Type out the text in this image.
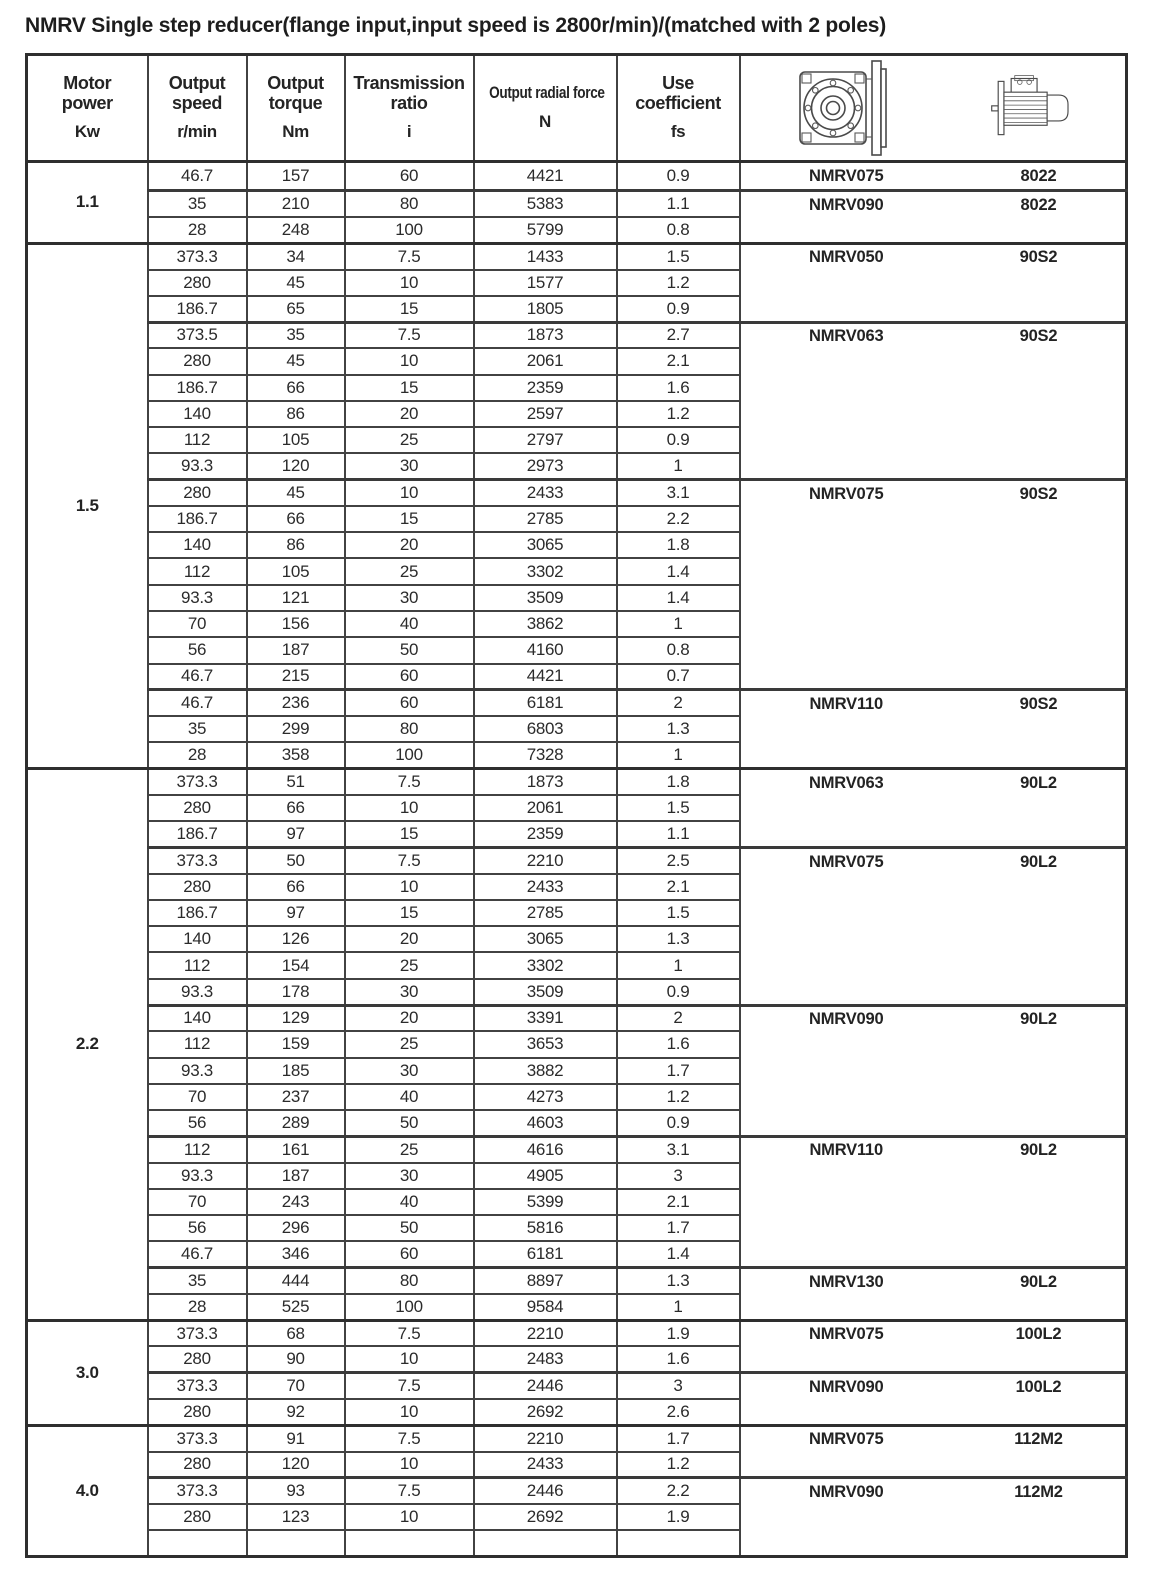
NMRV Single step reducer(flange input,input speed is 2800r/min)/(matched with 2 poles)
Motor
power
Kw

Output
speed
r/min

Output
torque
Nm

Transmission
ratio
i

Output radial force
N

Use
coefficient
fs

1.1	46.7	157	60	4421	0.9	NMRV075 8022

	35	210	80	5383	1.1	NMRV090 8022

	28	248	100	5799	0.8	
1.5	373.3	34	7.5	1433	1.5	NMRV050 90S2

	280	45	10	1577	1.2	
	186.7	65	15	1805	0.9	
	373.5	35	7.5	1873	2.7	NMRV063 90S2

	280	45	10	2061	2.1	
	186.7	66	15	2359	1.6	
	140	86	20	2597	1.2	
	112	105	25	2797	0.9	
	93.3	120	30	2973	1	
	280	45	10	2433	3.1	NMRV075 90S2

	186.7	66	15	2785	2.2	
	140	86	20	3065	1.8	
	112	105	25	3302	1.4	
	93.3	121	30	3509	1.4	
	70	156	40	3862	1	
	56	187	50	4160	0.8	
	46.7	215	60	4421	0.7	
	46.7	236	60	6181	2	NMRV110 90S2

	35	299	80	6803	1.3	
	28	358	100	7328	1	
2.2	373.3	51	7.5	1873	1.8	NMRV063 90L2

	280	66	10	2061	1.5	
	186.7	97	15	2359	1.1	
	373.3	50	7.5	2210	2.5	NMRV075 90L2

	280	66	10	2433	2.1	
	186.7	97	15	2785	1.5	
	140	126	20	3065	1.3	
	112	154	25	3302	1	
	93.3	178	30	3509	0.9	
	140	129	20	3391	2	NMRV090 90L2

	112	159	25	3653	1.6	
	93.3	185	30	3882	1.7	
	70	237	40	4273	1.2	
	56	289	50	4603	0.9	
	112	161	25	4616	3.1	NMRV110 90L2

	93.3	187	30	4905	3	
	70	243	40	5399	2.1	
	56	296	50	5816	1.7	
	46.7	346	60	6181	1.4	
	35	444	80	8897	1.3	NMRV130 90L2

	28	525	100	9584	1	
3.0	373.3	68	7.5	2210	1.9	NMRV075 100L2

	280	90	10	2483	1.6	
	373.3	70	7.5	2446	3	NMRV090 100L2

	280	92	10	2692	2.6	
4.0	373.3	91	7.5	2210	1.7	NMRV075 112M2

	280	120	10	2433	1.2	
	373.3	93	7.5	2446	2.2	NMRV090 112M2

	280	123	10	2692	1.9	
